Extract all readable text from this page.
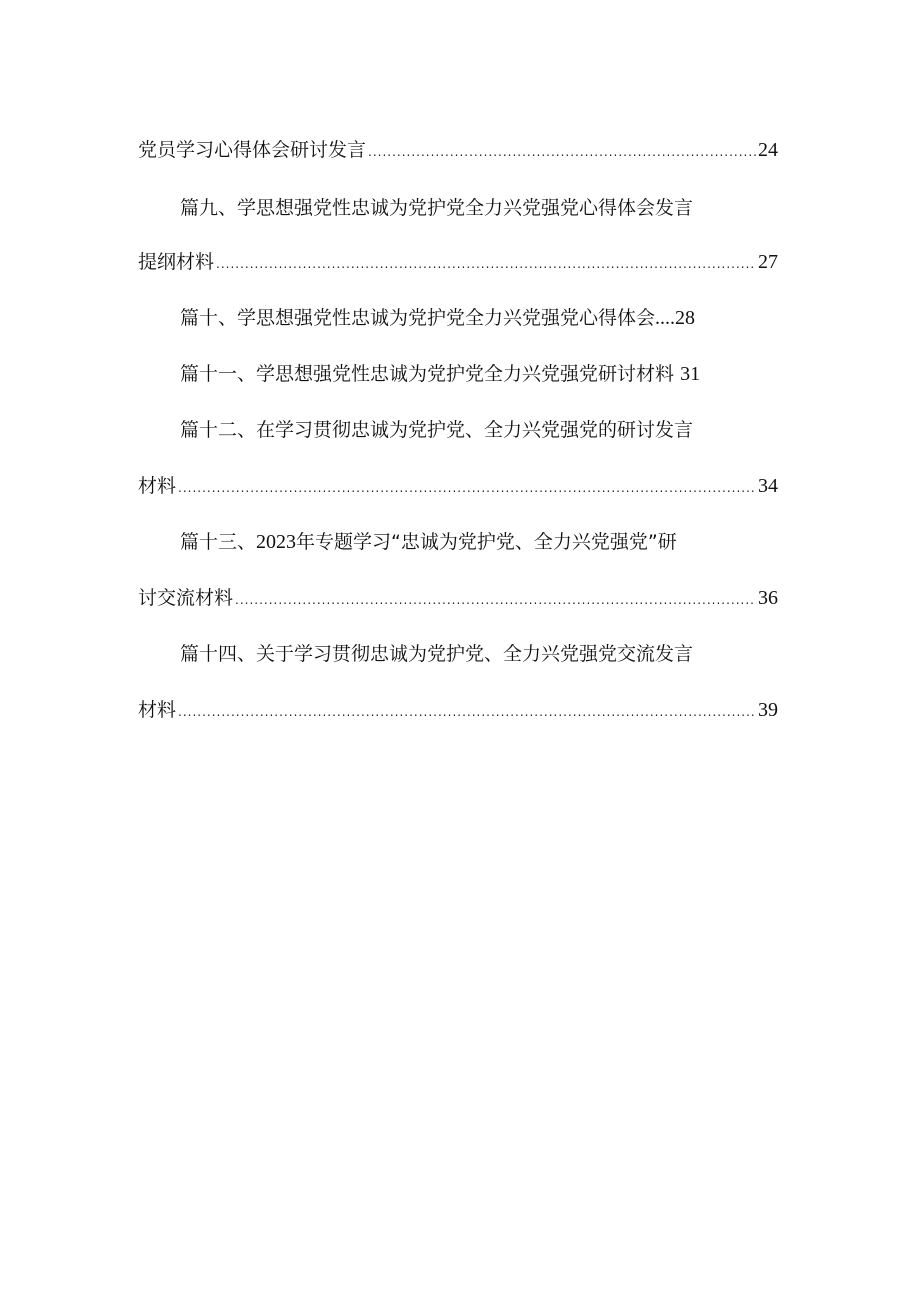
党员学习心得体会研讨发言 .....	24
篇九、学思想强党性忠诚为党护党全力兴党强党心得体会发言
提纲材料 .....	27
篇十、学思想强党性忠诚为党护党全力兴党强党心得体会....28
篇十一、学思想强党性忠诚为党护党全力兴党强党研讨材料 31
篇十二、在学习贯彻忠诚为党护党、全力兴党强党的研讨发言
材料 .....	34
篇十三、2023年专题学习“忠诚为党护党、全力兴党强党”研
讨交流材料 .....	36
篇十四、关于学习贯彻忠诚为党护党、全力兴党强党交流发言
材料 .....	39
